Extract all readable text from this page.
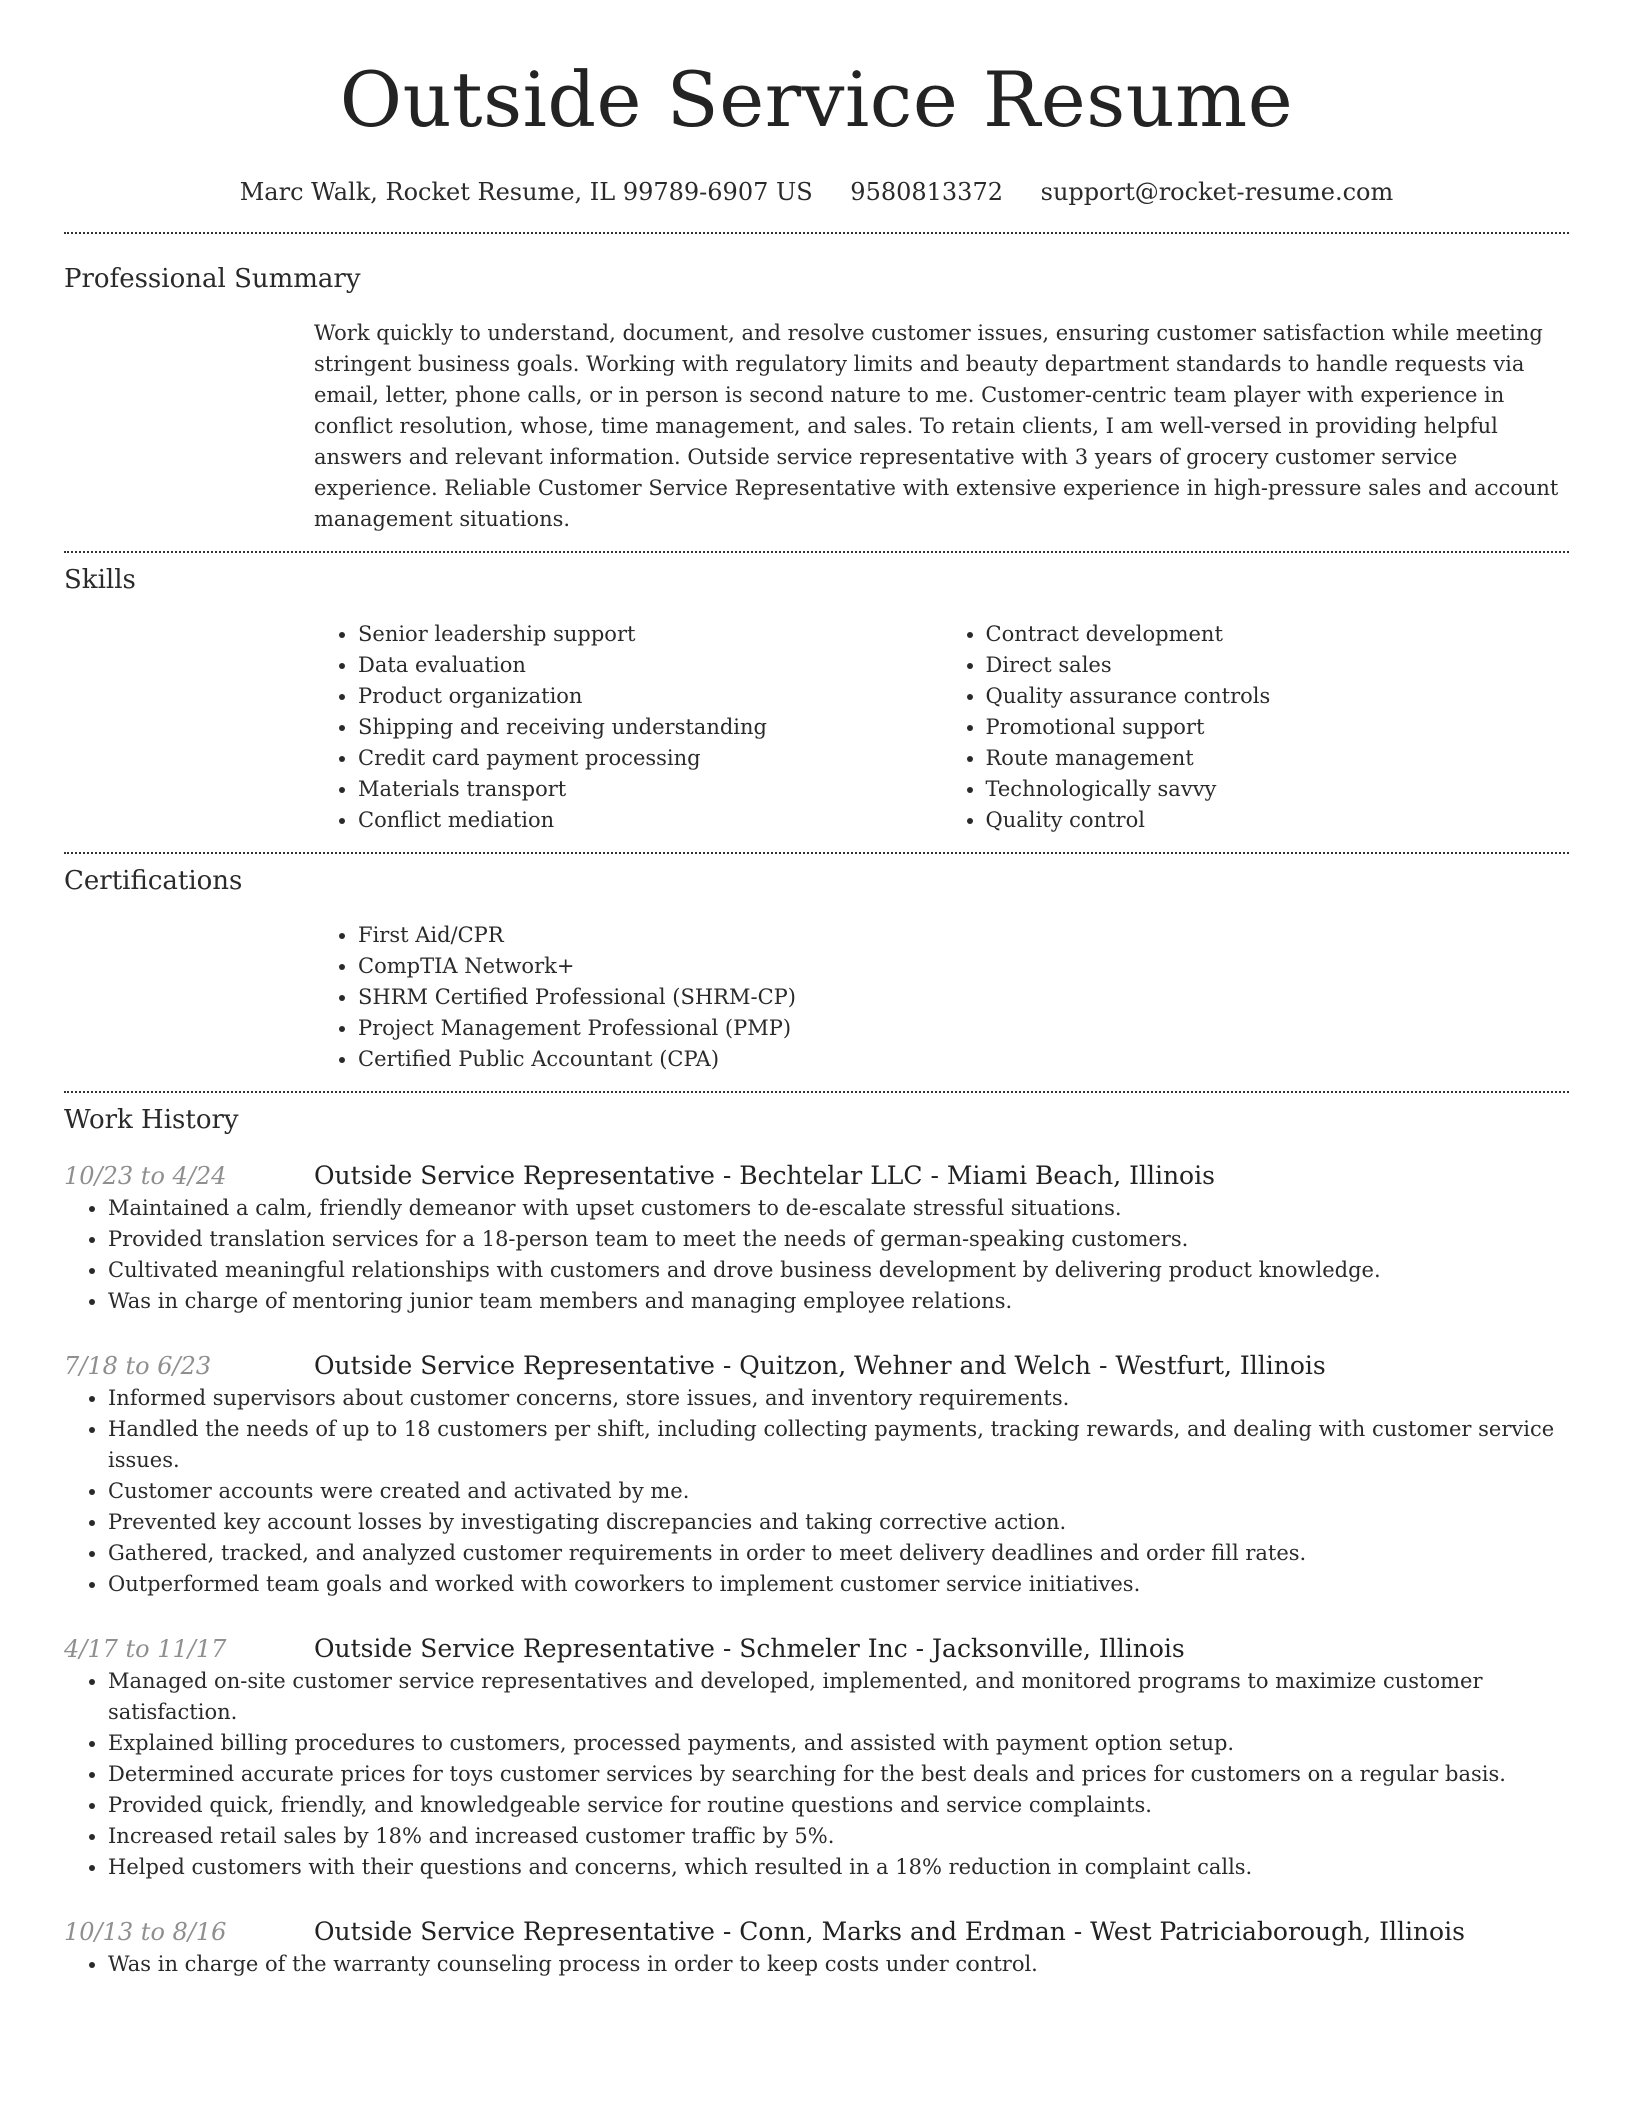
Outside Service Resume
Marc Walk, Rocket Resume, IL 99789-6907 US 9580813372 support@rocket-resume.com
Professional Summary
Work quickly to understand, document, and resolve customer issues, ensuring customer satisfaction while meeting stringent business goals. Working with regulatory limits and beauty department standards to handle requests via email, letter, phone calls, or in person is second nature to me. Customer-centric team player with experience in conflict resolution, whose, time management, and sales. To retain clients, I am well-versed in providing helpful answers and relevant information. Outside service representative with 3 years of grocery customer service experience. Reliable Customer Service Representative with extensive experience in high-pressure sales and account management situations.
Skills
• Senior leadership support
• Data evaluation
• Product organization
• Shipping and receiving understanding
• Credit card payment processing
• Materials transport
• Conflict mediation
• Contract development
• Direct sales
• Quality assurance controls
• Promotional support
• Route management
• Technologically savvy
• Quality control
Certifications
• First Aid/CPR
• CompTIA Network+
• SHRM Certified Professional (SHRM-CP)
• Project Management Professional (PMP)
• Certified Public Accountant (CPA)
Work History
10/23 to 4/24	Outside Service Representative - Bechtelar LLC - Miami Beach, Illinois
• Maintained a calm, friendly demeanor with upset customers to de-escalate stressful situations.
• Provided translation services for a 18-person team to meet the needs of german-speaking customers.
• Cultivated meaningful relationships with customers and drove business development by delivering product knowledge.
• Was in charge of mentoring junior team members and managing employee relations.
7/18 to 6/23	Outside Service Representative - Quitzon, Wehner and Welch - Westfurt, Illinois
• Informed supervisors about customer concerns, store issues, and inventory requirements.
• Handled the needs of up to 18 customers per shift, including collecting payments, tracking rewards, and dealing with customer service issues.
• Customer accounts were created and activated by me.
• Prevented key account losses by investigating discrepancies and taking corrective action.
• Gathered, tracked, and analyzed customer requirements in order to meet delivery deadlines and order fill rates.
• Outperformed team goals and worked with coworkers to implement customer service initiatives.
4/17 to 11/17	Outside Service Representative - Schmeler Inc - Jacksonville, Illinois
• Managed on-site customer service representatives and developed, implemented, and monitored programs to maximize customer satisfaction.
• Explained billing procedures to customers, processed payments, and assisted with payment option setup.
• Determined accurate prices for toys customer services by searching for the best deals and prices for customers on a regular basis.
• Provided quick, friendly, and knowledgeable service for routine questions and service complaints.
• Increased retail sales by 18% and increased customer traffic by 5%.
• Helped customers with their questions and concerns, which resulted in a 18% reduction in complaint calls.
10/13 to 8/16	Outside Service Representative - Conn, Marks and Erdman - West Patriciaborough, Illinois
• Was in charge of the warranty counseling process in order to keep costs under control.
